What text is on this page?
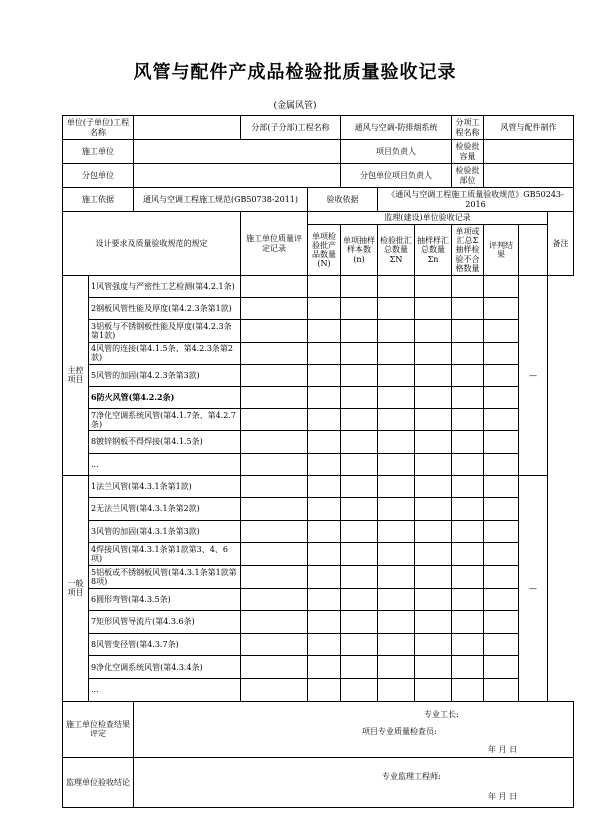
风管与配件产成品检验批质量验收记录
(金属风管)
单位(子单位)工程名称			分部(子分部)工程名称		通风与空调-防排烟系统			分项工程名称	风管与配件制作		
施工单位					项目负责人			检验批容量			
分包单位					分包单位项目负责人			检验批部位			
施工依据		通风与空调工程施工规范(GB50738-2011)		验收依据		《通风与空调工程施工质量验收规范》GB50243-2016					
设计要求及质量验收规范的规定			施工单位质量评定记录	监理(建设)单位验收记录							备注
				单项检验批产品数量(N)	单项抽样样本数(n)	检验批汇总数量ΣN	抽样样汇总数量Σn	单项或汇总Σ抽样检验不合格数量	评判结果		
主控项目	1风管强度与严密性工艺检测(第4.2.1条)									—	
	2钢板风管性能及厚度(第4.2.3条第1款)										
	3铝板与不锈钢板性能及厚度(第4.2.3条第1款)										
	4风管的连接(第4.1.5条、第4.2.3条第2款)										
	5风管的加固(第4.2.3条第3款)										
	6防火风管(第4.2.2条)										
	7净化空调系统风管(第4.1.7条、第4.2.7条)										
	8镀锌钢板不得焊接(第4.1.5条)										
	...										
一般项目	1法兰风管(第4.3.1条第1款)									—	
	2无法兰风管(第4.3.1条第2款)										
	3风管的加固(第4.3.1条第3款)										
	4焊接风管(第4.3.1条第1款第3、4、6项)										
	5铝板或不锈钢板风管(第4.3.1条第1款第8项)										
	6圆形弯管(第4.3.5条)										
	7矩形风管导流片(第4.3.6条)										
	8风管变径管(第4.3.7条)										
	9净化空调系统风管(第4.3.4条)										
	...										
施工单位检查结果评定		专业工长:
项目专业质量检查员:
年 月 日									

监理单位验收结论		专业监理工程师:
年 月 日									
